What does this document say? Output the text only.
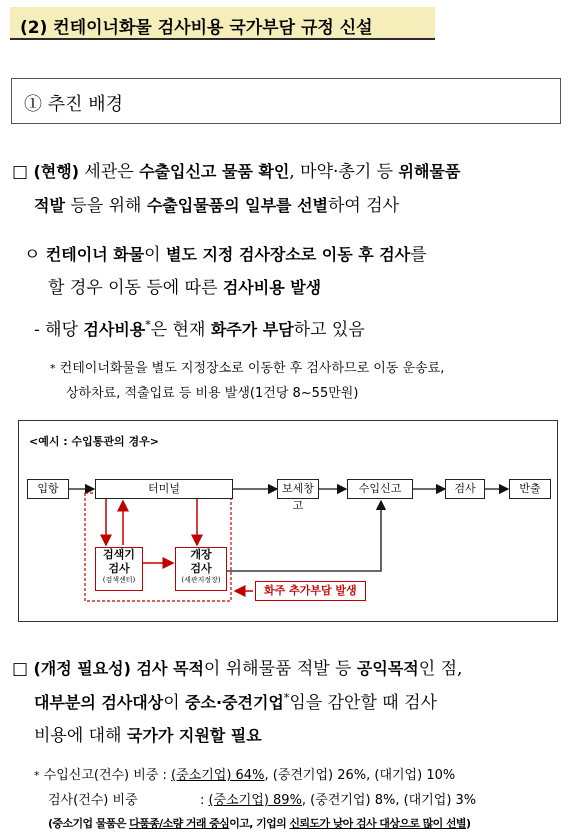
(2) 컨테이너화물 검사비용 국가부담 규정 신설
① 추진 배경
□ (현행) 세관은 수출입신고 물품 확인, 마약·총기 등 위해물품
적발 등을 위해 수출입물품의 일부를 선별하여 검사
ㅇ 컨테이너 화물이 별도 지정 검사장소로 이동 후 검사를
할 경우 이동 등에 따른 검사비용 발생
- 해당 검사비용*은 현재 화주가 부담하고 있음
* 컨테이너화물을 별도 지정장소로 이동한 후 검사하므로 이동 운송료,
상하차료, 적출입료 등 비용 발생(1건당 8~55만원)
<예시 : 수입통관의 경우>
입항	터미널	보세창고
수입신고	검사	반출
검색기
검사
(검색센터)
개장
검사
(세관지정장)
화주 추가부담 발생
□ (개정 필요성) 검사 목적이 위해물품 적발 등 공익목적인 점,
대부분의 검사대상이 중소·중견기업*임을 감안할 때 검사
비용에 대해 국가가 지원할 필요
* 수입신고(건수) 비중 : (중소기업) 64%, (중견기업) 26%, (대기업) 10%
검사(건수) 비중	: (중소기업) 89%, (중견기업) 8%, (대기업) 3%
(중소기업 물품은 다품종/소량 거래 중심이고, 기업의 신뢰도가 낮아 검사 대상으로 많이 선별)
